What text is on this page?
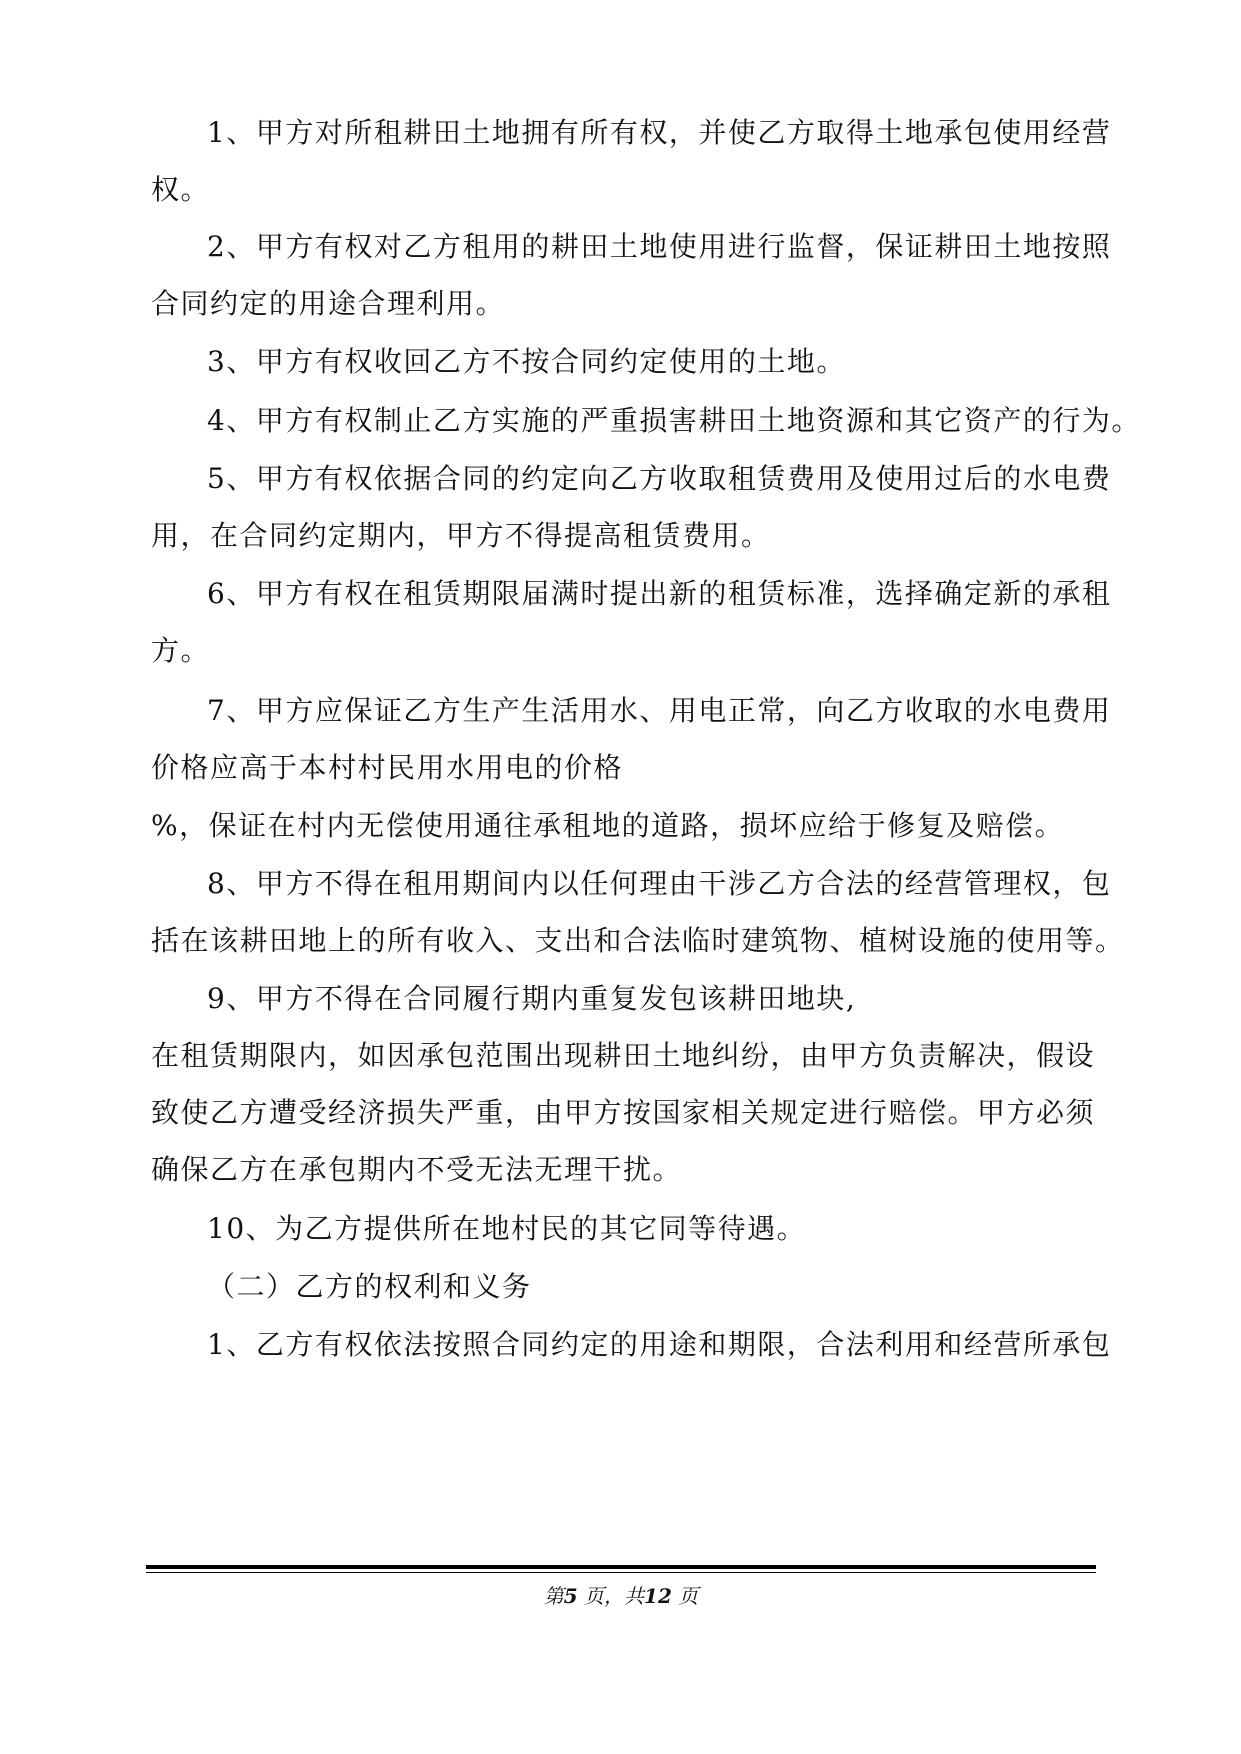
1、甲方对所租耕田土地拥有所有权，并使乙方取得土地承包使用经营

权。

2、甲方有权对乙方租用的耕田土地使用进行监督，保证耕田土地按照

合同约定的用途合理利用。

3、甲方有权收回乙方不按合同约定使用的土地。

4、甲方有权制止乙方实施的严重损害耕田土地资源和其它资产的行为。

5、甲方有权依据合同的约定向乙方收取租赁费用及使用过后的水电费

用，在合同约定期内，甲方不得提高租赁费用。

6、甲方有权在租赁期限届满时提出新的租赁标准，选择确定新的承租

方。

7、甲方应保证乙方生产生活用水、用电正常，向乙方收取的水电费用

价格应高于本村村民用水用电的价格

%，保证在村内无偿使用通往承租地的道路，损坏应给于修复及赔偿。

8、甲方不得在租用期间内以任何理由干涉乙方合法的经营管理权，包

括在该耕田地上的所有收入、支出和合法临时建筑物、植树设施的使用等。

9、甲方不得在合同履行期内重复发包该耕田地块,

在租赁期限内，如因承包范围出现耕田土地纠纷，由甲方负责解决，假设

致使乙方遭受经济损失严重，由甲方按国家相关规定进行赔偿。甲方必须

确保乙方在承包期内不受无法无理干扰。

10、为乙方提供所在地村民的其它同等待遇。

（二）乙方的权利和义务

1、乙方有权依法按照合同约定的用途和期限，合法利用和经营所承包

第5 页，共12 页
